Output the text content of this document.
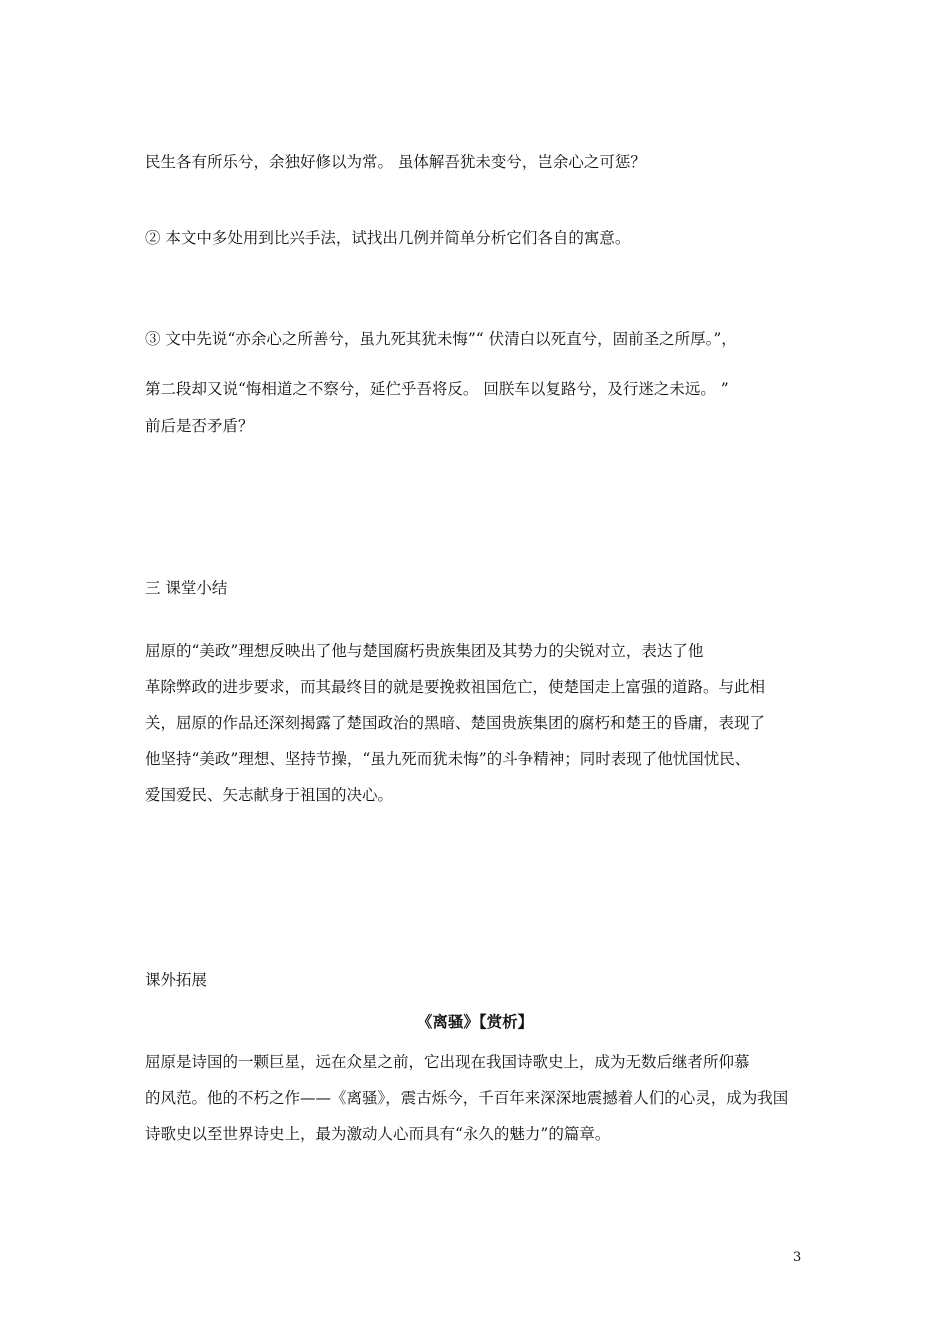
民生各有所乐兮，余独好修以为常。 虽体解吾犹未变兮，岂余心之可惩？
② 本文中多处用到比兴手法，试找出几例并简单分析它们各自的寓意。
③ 文中先说“亦余心之所善兮，虽九死其犹未悔”“ 伏清白以死直兮，固前圣之所厚。”，
第二段却又说“悔相道之不察兮，延伫乎吾将反。 回朕车以复路兮，及行迷之未远。 ”
前后是否矛盾？
三 课堂小结
屈原的“美政”理想反映出了他与楚国腐朽贵族集团及其势力的尖锐对立，表达了他
革除弊政的进步要求，而其最终目的就是要挽救祖国危亡，使楚国走上富强的道路。与此相
关，屈原的作品还深刻揭露了楚国政治的黑暗、楚国贵族集团的腐朽和楚王的昏庸，表现了
他坚持“美政”理想、坚持节操，“虽九死而犹未悔”的斗争精神；同时表现了他忧国忧民、
爱国爱民、矢志献身于祖国的决心。
课外拓展
《离骚》【赏析】
屈原是诗国的一颗巨星，远在众星之前，它出现在我国诗歌史上，成为无数后继者所仰慕
的风范。他的不朽之作——《离骚》，震古烁今，千百年来深深地震撼着人们的心灵，成为我国
诗歌史以至世界诗史上，最为激动人心而具有“永久的魅力”的篇章。
3
